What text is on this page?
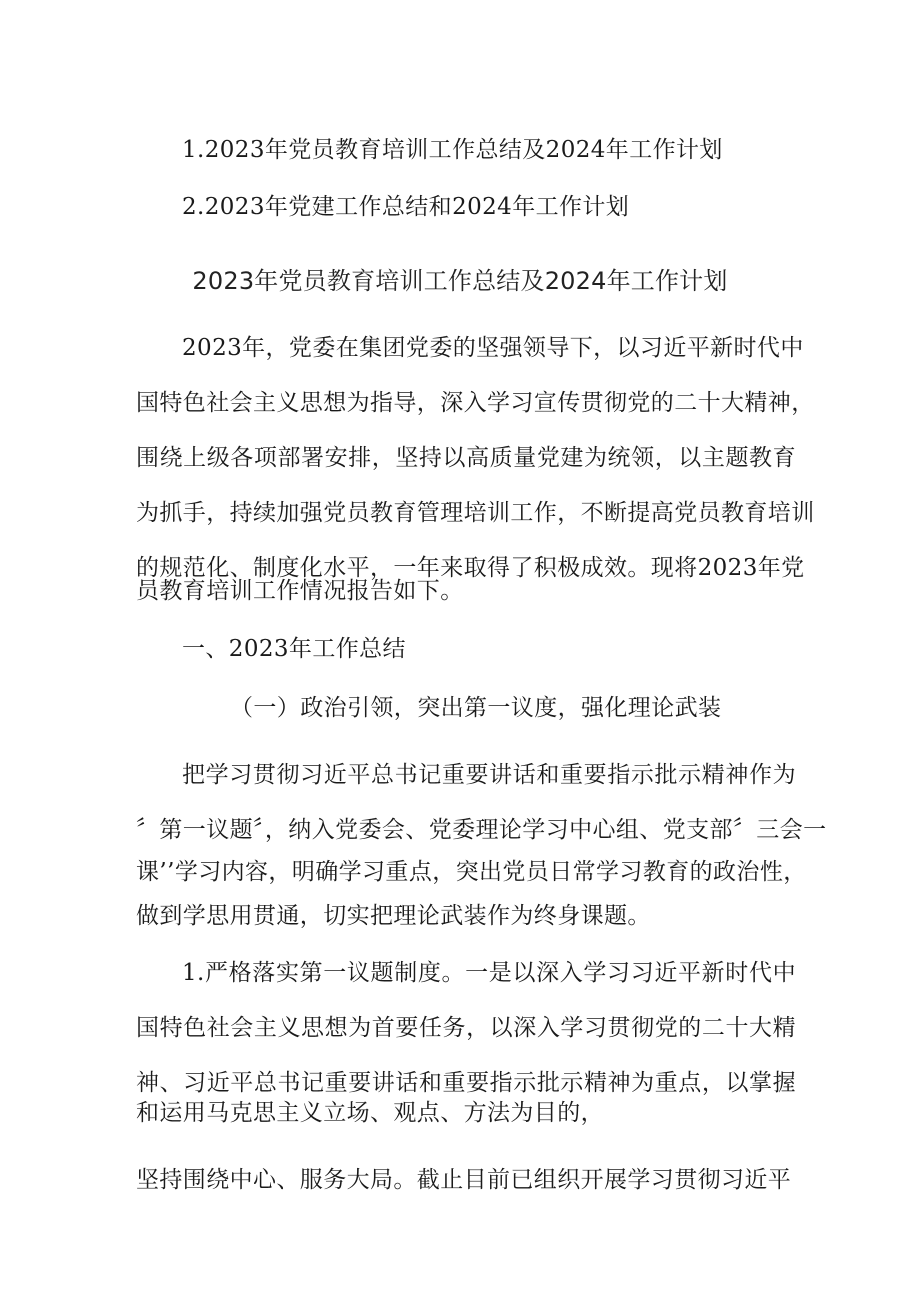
1.2023年党员教育培训工作总结及2024年工作计划
2.2023年党建工作总结和2024年工作计划
2023年党员教育培训工作总结及2024年工作计划
2023年，党委在集团党委的坚强领导下，以习近平新时代中
国特色社会主义思想为指导，深入学习宣传贯彻党的二十大精神，
围绕上级各项部署安排，坚持以高质量党建为统领，以主题教育
为抓手，持续加强党员教育管理培训工作，不断提高党员教育培训
的规范化、制度化水平，一年来取得了积极成效。现将2023年党
员教育培训工作情况报告如下。
一、2023年工作总结
（一）政治引领，突出第一议度，强化理论武装
把学习贯彻习近平总书记重要讲话和重要指示批示精神作为
〞第一议题〞，纳入党委会、党委理论学习中心组、党支部〞三会一
课’’学习内容，明确学习重点，突出党员日常学习教育的政治性，
做到学思用贯通，切实把理论武装作为终身课题。
1.严格落实第一议题制度。一是以深入学习习近平新时代中
国特色社会主义思想为首要任务，以深入学习贯彻党的二十大精
神、习近平总书记重要讲话和重要指示批示精神为重点，以掌握
和运用马克思主义立场、观点、方法为目的，
坚持围绕中心、服务大局。截止目前已组织开展学习贯彻习近平
